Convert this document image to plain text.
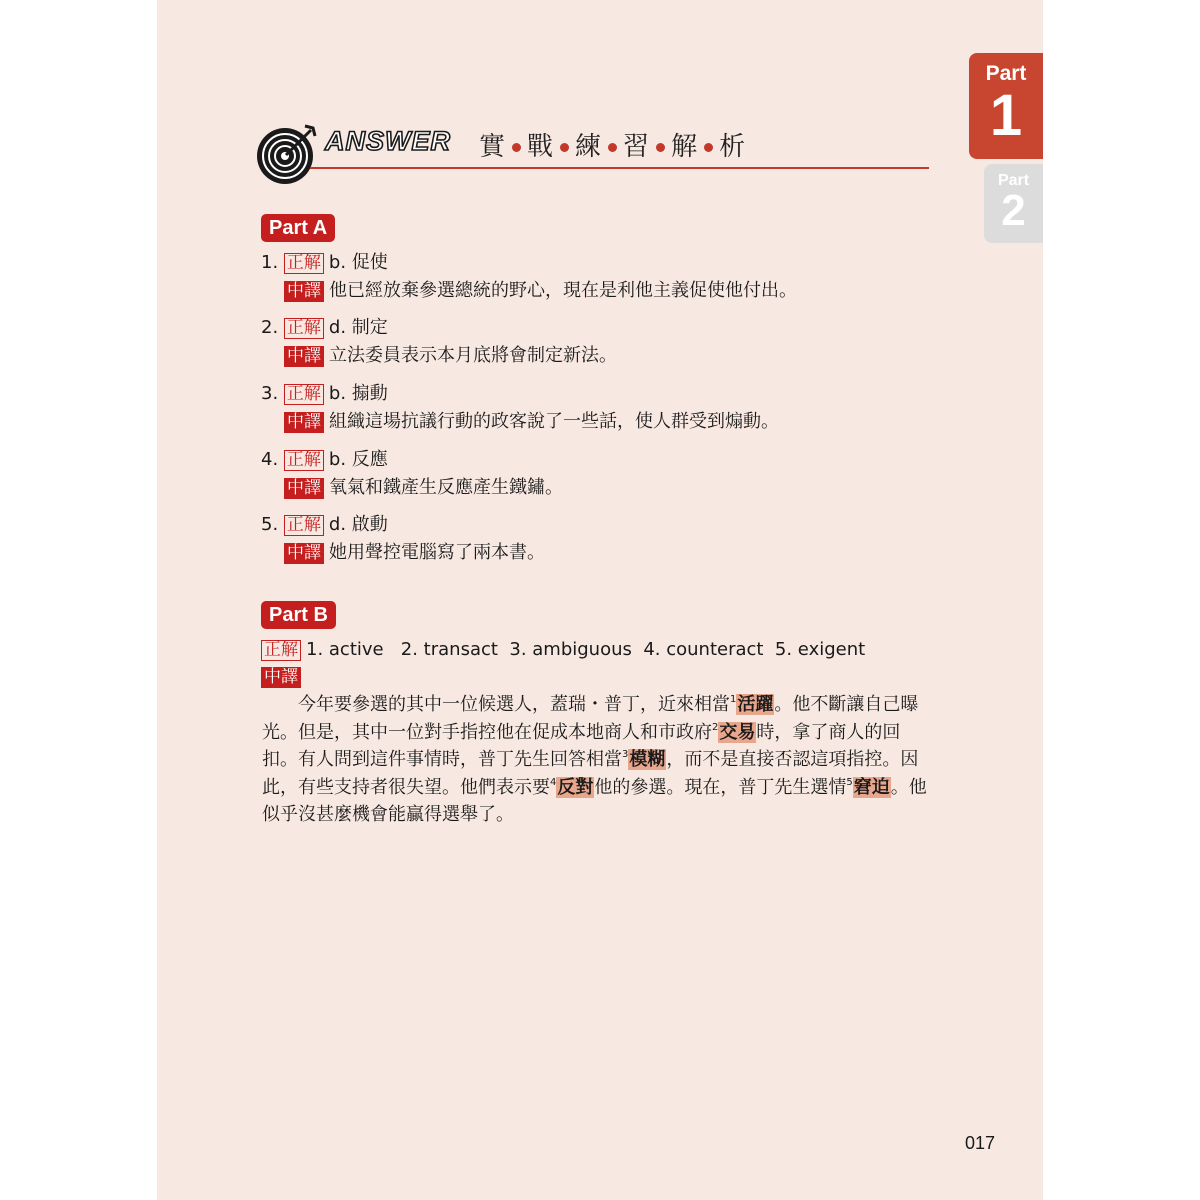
Part
1
Part
2
ANSWER 實 戰 練 習 解 析
Part A
1. 正解 b. 促使
中譯 他已經放棄參選總統的野心，現在是利他主義促使他付出。
2. 正解 d. 制定
中譯 立法委員表示本月底將會制定新法。
3. 正解 b. 搧動
中譯 組織這場抗議行動的政客說了一些話，使人群受到煽動。
4. 正解 b. 反應
中譯 氧氣和鐵產生反應產生鐵鏽。
5. 正解 d. 啟動
中譯 她用聲控電腦寫了兩本書。
Part B
正解 1. active   2. transact  3. ambiguous  4. counteract  5. exigent
中譯
今年要參選的其中一位候選人，蓋瑞・普丁，近來相當$^1$活躍。他不斷讓自己曝光。但是，其中一位對手指控他在促成本地商人和市政府$^2$交易時，拿了商人的回扣。有人問到這件事情時，普丁先生回答相當$^3$模糊，而不是直接否認這項指控。因此，有些支持者很失望。他們表示要$^4$反對他的參選。現在，普丁先生選情$^5$窘迫。他似乎沒甚麼機會能贏得選舉了。
017
